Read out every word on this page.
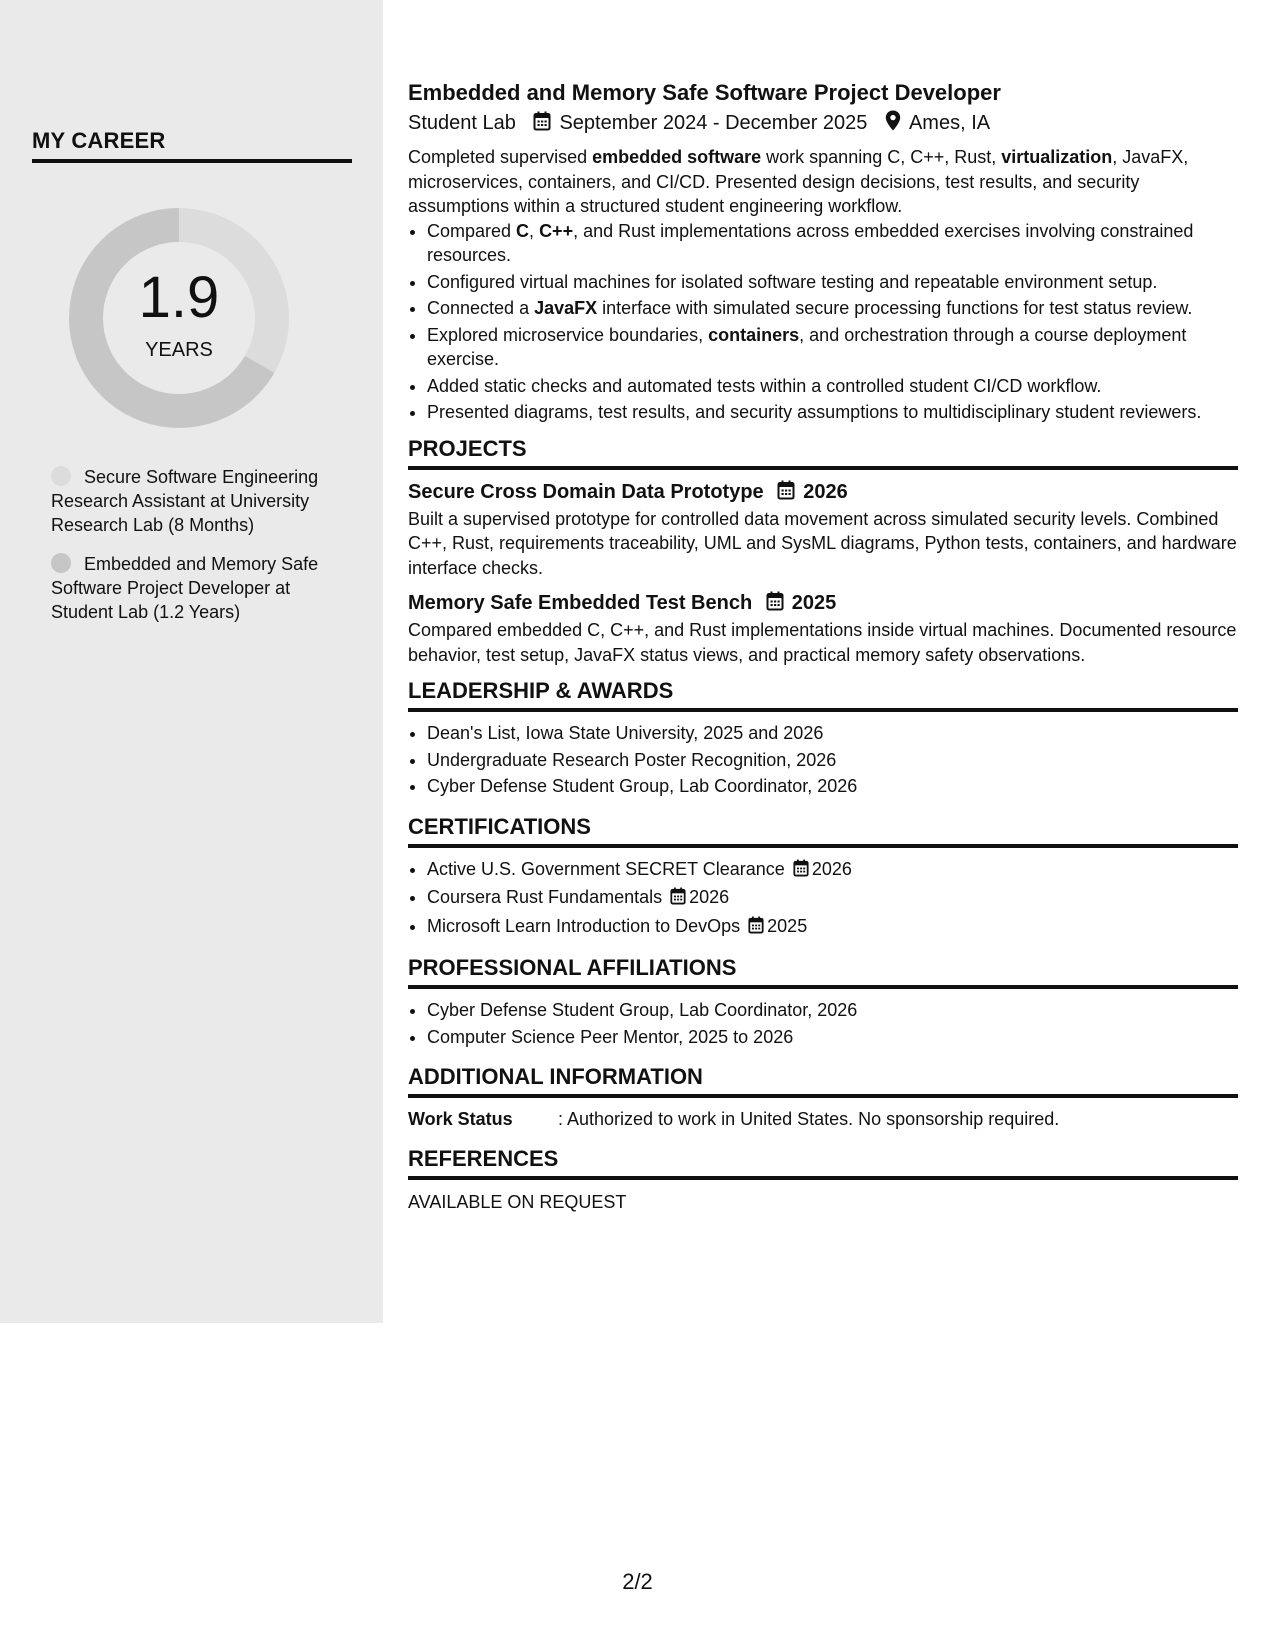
MY CAREER
1.9
YEARS
Secure Software Engineering Research Assistant at University Research Lab (8 Months)
Embedded and Memory Safe Software Project Developer at Student Lab (1.2 Years)
Embedded and Memory Safe Software Project Developer
Student Lab September 2024 - December 2025 Ames, IA

Completed supervised embedded software work spanning C, C++, Rust, virtualization, JavaFX, microservices, containers, and CI/CD. Presented design decisions, test results, and security assumptions within a structured student engineering workflow.

• Compared C, C++, and Rust implementations across embedded exercises involving constrained resources.
• Configured virtual machines for isolated software testing and repeatable environment setup.
• Connected a JavaFX interface with simulated secure processing functions for test status review.
• Explored microservice boundaries, containers, and orchestration through a course deployment exercise.
• Added static checks and automated tests within a controlled student CI/CD workflow.
• Presented diagrams, test results, and security assumptions to multidisciplinary student reviewers.
PROJECTS
Secure Cross Domain Data Prototype 2026

Built a supervised prototype for controlled data movement across simulated security levels. Combined C++, Rust, requirements traceability, UML and SysML diagrams, Python tests, containers, and hardware interface checks.

Memory Safe Embedded Test Bench 2025

Compared embedded C, C++, and Rust implementations inside virtual machines. Documented resource behavior, test setup, JavaFX status views, and practical memory safety observations.

LEADERSHIP & AWARDS
• Dean's List, Iowa State University, 2025 and 2026
• Undergraduate Research Poster Recognition, 2026
• Cyber Defense Student Group, Lab Coordinator, 2026
CERTIFICATIONS
• Active U.S. Government SECRET Clearance 2026
• Coursera Rust Fundamentals 2026
• Microsoft Learn Introduction to DevOps 2025
PROFESSIONAL AFFILIATIONS
• Cyber Defense Student Group, Lab Coordinator, 2026
• Computer Science Peer Mentor, 2025 to 2026
ADDITIONAL INFORMATION
Work Status	: Authorized to work in United States. No sponsorship required.
REFERENCES
AVAILABLE ON REQUEST
2/2
